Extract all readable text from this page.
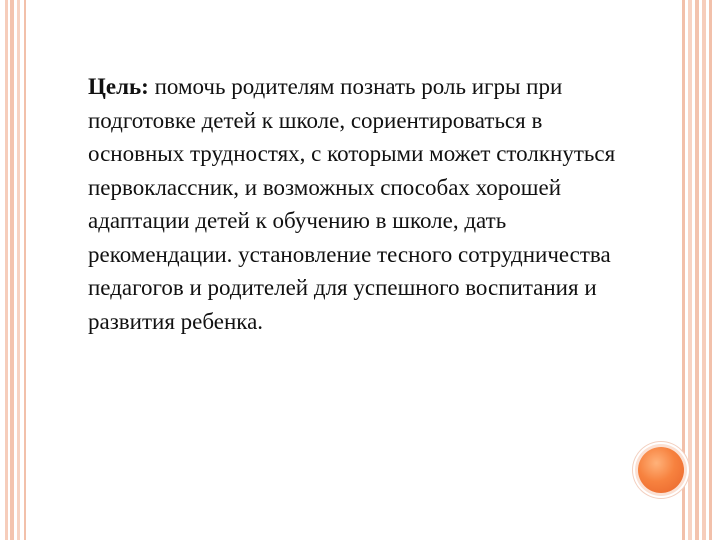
Цель: помочь родителям познать роль игры при подготовке детей к школе, сориентироваться в основных трудностях, с которыми может столкнуться первоклассник, и возможных способах хорошей адаптации детей к обучению в школе, дать рекомендации. установление тесного сотрудничества педагогов и родителей для успешного воспитания и развития ребенка.
